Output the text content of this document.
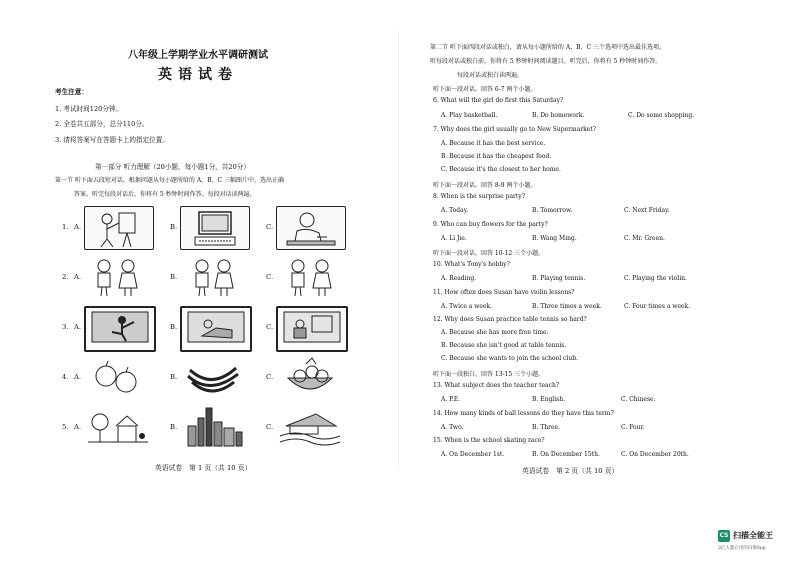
八年级上学期学业水平调研测试
英语试卷
考生注意：
1. 考试时间120分钟。
2. 全卷共五部分，总分110分。
3. 请将答案写在答题卡上的指定位置。
第一部分 听力理解（20小题，每小题1分，共20分）
第一节 听下面五段短对话，根据问题从每小题所给的 A、B、C 三幅图片中，选出正确
答案。听完每段对话后，你将有 5 秒钟时间作答。每段对话读两遍。
1. A.	B.	C.
2. A.	B.	C.
3. A.	B.	C.
4. A.	B.	C.
5. A.	B.	C.
英语试卷　第 1 页（共 10 页）
第二节 听下面四段对话或独白，请从每小题所给的 A、B、C 三个选项中选出最佳选项。
听每段对话或独白前，你将有 5 秒钟时间阅读题目。听完后，你将有 5 秒钟时间作答。
每段对话或独白读两遍。
听下面一段对话，回答 6-7 两个小题。
6. What will the girl do first this Saturday?
A. Play basketball.	B. Do homework.	C. Do some shopping.
7. Why does the girl usually go to New Supermarket?
A. Because it has the best service.
B. Because it has the cheapest food.
C. Because it's the closest to her home.
听下面一段对话，回答 8-9 两个小题。
8. When is the surprise party?
A. Today.	B. Tomorrow.	C. Next Friday.
9. Who can buy flowers for the party?
A. Li Jie.	B. Wang Ming.	C. Mr. Green.
听下面一段对话，回答 10-12 三个小题。
10. What's Tony's hobby?
A. Reading.	B. Playing tennis.	C. Playing the violin.
11. How often does Susan have violin lessons?
A. Twice a week.	B. Three times a week.	C. Four times a week.
12. Why does Susan practice table tennis so hard?
A. Because she has more free time.
B. Because she isn't good at table tennis.
C. Because she wants to join the school club.
听下面一段独白，回答 13-15 三个小题。
13. What subject does the teacher teach?
A. P.E.	B. English.	C. Chinese.
14. How many kinds of ball lessons do they have this term?
A. Two.	B. Three.	C. Four.
15. When is the school skating race?
A. On December 1st.	B. On December 15th.	C. On December 20th.
英语试卷　第 2 页（共 10 页）
CS 扫描全能王
3亿人都在用的扫描App
